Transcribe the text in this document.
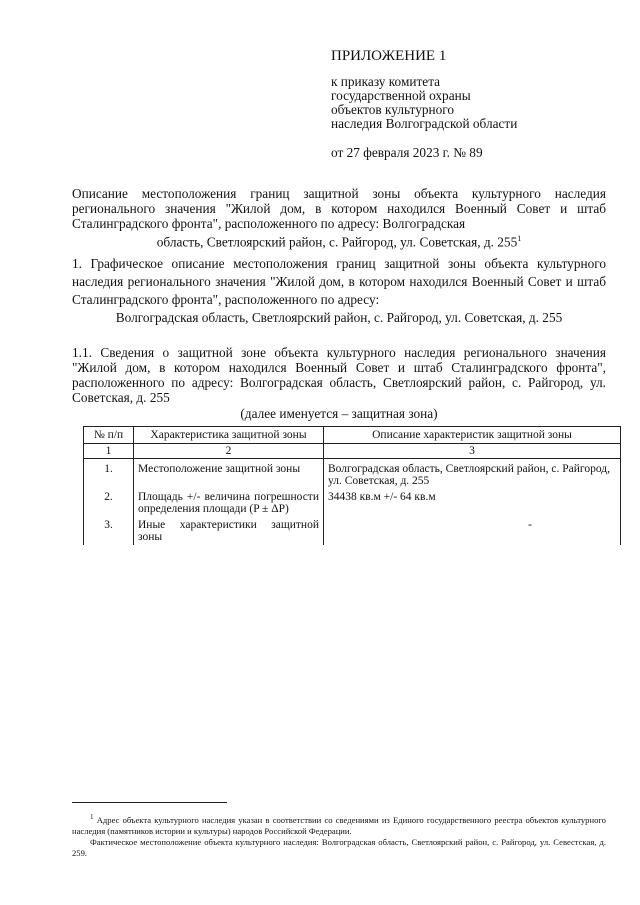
ПРИЛОЖЕНИЕ 1

к приказу комитета

государственной охраны

объектов культурного

наследия Волгоградской области

от 27 февраля 2023 г. № 89

Описание местоположения границ защитной зоны объекта культурного наследия регионального значения "Жилой дом, в котором находился Военный Совет и штаб Сталинградского фронта", расположенного по адресу: Волгоградская
область, Светлоярский район, с. Райгород, ул. Советская, д. 255$^1$
1. Графическое описание местоположения границ защитной зоны объекта культурного наследия регионального значения "Жилой дом, в котором находился Военный Совет и штаб Сталинградского фронта", расположенного по адресу:
Волгоградская область, Светлоярский район, с. Райгород, ул. Советская, д. 255
1.1. Сведения о защитной зоне объекта культурного наследия регионального значения "Жилой дом, в котором находился Военный Совет и штаб Сталинградского фронта", расположенного по адресу: Волгоградская область, Светлоярский район, с. Райгород, ул. Советская, д. 255
(далее именуется – защитная зона)
№ п/п	Характеристика защитной зоны	Описание характеристик защитной зоны
1	2	3
1.	Местоположение защитной зоны	Волгоградская область, Светлоярский район, с. Райгород, ул. Советская, д. 255
2.	Площадь +/- величина погрешности определения площади (P ± ΔP)	34438 кв.м +/- 64 кв.м
3.	Иные характеристики защитной зоны	-

$^1$ Адрес объекта культурного наследия указан в соответствии со сведениями из Единого государственного реестра объектов культурного наследия (памятников истории и культуры) народов Российской Федерации.

Фактическое местоположение объекта культурного наследия: Волгоградская область, Светлоярский район, с. Райгород, ул. Севестская, д. 259.
